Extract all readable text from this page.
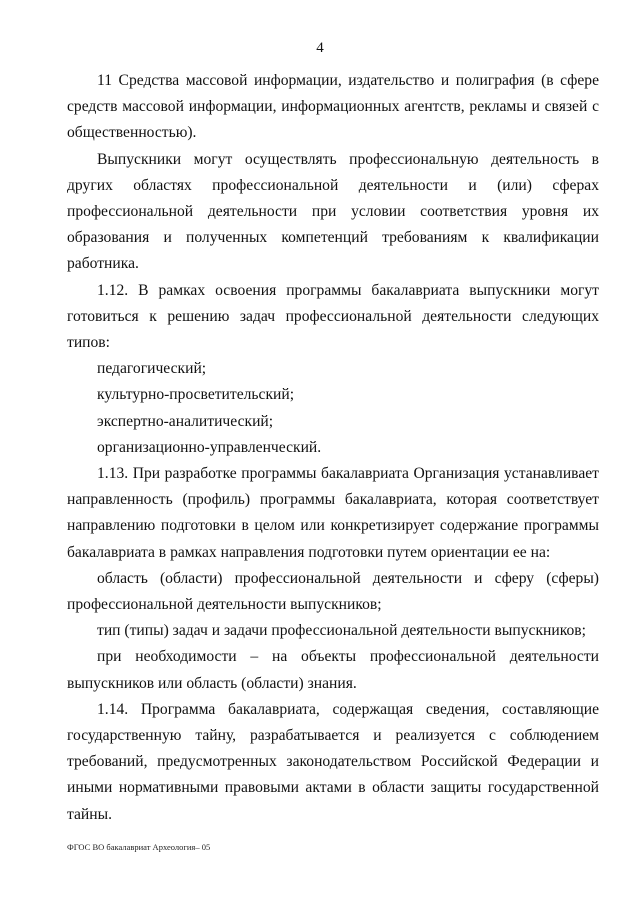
4

11 Средства массовой информации, издательство и полиграфия (в сфере средств массовой информации, информационных агентств, рекламы и связей с общественностью).

Выпускники могут осуществлять профессиональную деятельность в других областях профессиональной деятельности и (или) сферах профессиональной деятельности при условии соответствия уровня их образования и полученных компетенций требованиям к квалификации работника.

1.12. В рамках освоения программы бакалавриата выпускники могут готовиться к решению задач профессиональной деятельности следующих типов:

педагогический;

культурно-просветительский;

экспертно-аналитический;

организационно-управленческий.

1.13. При разработке программы бакалавриата Организация устанавливает направленность (профиль) программы бакалавриата, которая соответствует направлению подготовки в целом или конкретизирует содержание программы бакалавриата в рамках направления подготовки путем ориентации ее на:

область (области) профессиональной деятельности и сферу (сферы) профессиональной деятельности выпускников;

тип (типы) задач и задачи профессиональной деятельности выпускников;

при необходимости – на объекты профессиональной деятельности выпускников или область (области) знания.

1.14. Программа бакалавриата, содержащая сведения, составляющие государственную тайну, разрабатывается и реализуется с соблюдением требований, предусмотренных законодательством Российской Федерации и иными нормативными правовыми актами в области защиты государственной тайны.

ФГОС ВО бакалавриат Археология– 05
